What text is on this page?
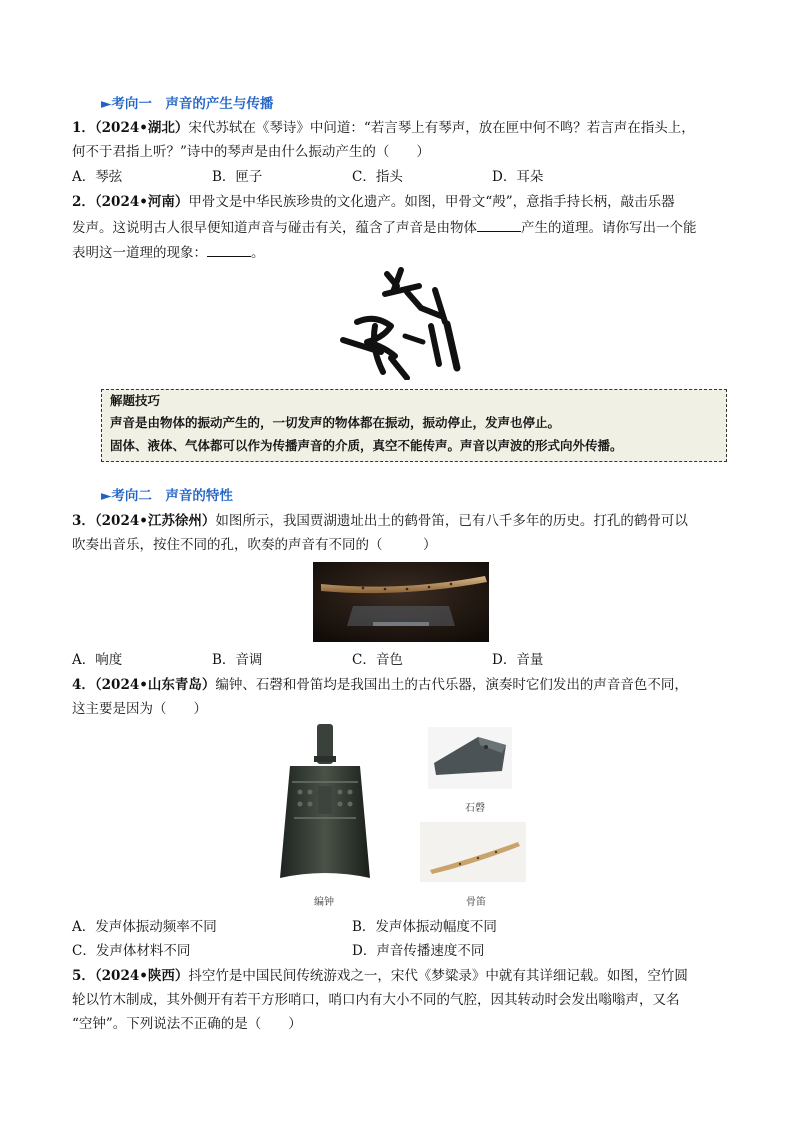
►考向一　声音的产生与传播
1．（2024•湖北）宋代苏轼在《琴诗》中问道：“若言琴上有琴声，放在匣中何不鸣？若言声在指头上，
何不于君指上听？”诗中的琴声是由什么振动产生的（　　）
A．琴弦	B．匣子	C．指头	D．耳朵
2．（2024•河南）甲骨文是中华民族珍贵的文化遗产。如图，甲骨文“殸”，意指手持长柄，敲击乐器
发声。这说明古人很早便知道声音与碰击有关，蕴含了声音是由物体	产生的道理。请你写出一个能
表明这一道理的现象：	。
解题技巧
声音是由物体的振动产生的，一切发声的物体都在振动，振动停止，发声也停止。
固体、液体、气体都可以作为传播声音的介质，真空不能传声。声音以声波的形式向外传播。
►考向二　声音的特性
3．（2024•江苏徐州）如图所示，我国贾湖遗址出土的鹤骨笛，已有八千多年的历史。打孔的鹤骨可以
吹奏出音乐，按住不同的孔，吹奏的声音有不同的（　　　）
A．响度	B．音调	C．音色	D．音量
4．（2024•山东青岛）编钟、石磬和骨笛均是我国出土的古代乐器，演奏时它们发出的声音音色不同，
这主要是因为（　　）
编钟
石磬
骨笛
A．发声体振动频率不同	B．发声体振动幅度不同
C．发声体材料不同	D．声音传播速度不同
5．（2024•陕西）抖空竹是中国民间传统游戏之一，宋代《梦粱录》中就有其详细记载。如图，空竹圆
轮以竹木制成，其外侧开有若干方形哨口，哨口内有大小不同的气腔，因其转动时会发出嗡嗡声，又名
“空钟”。下列说法不正确的是（　　）
